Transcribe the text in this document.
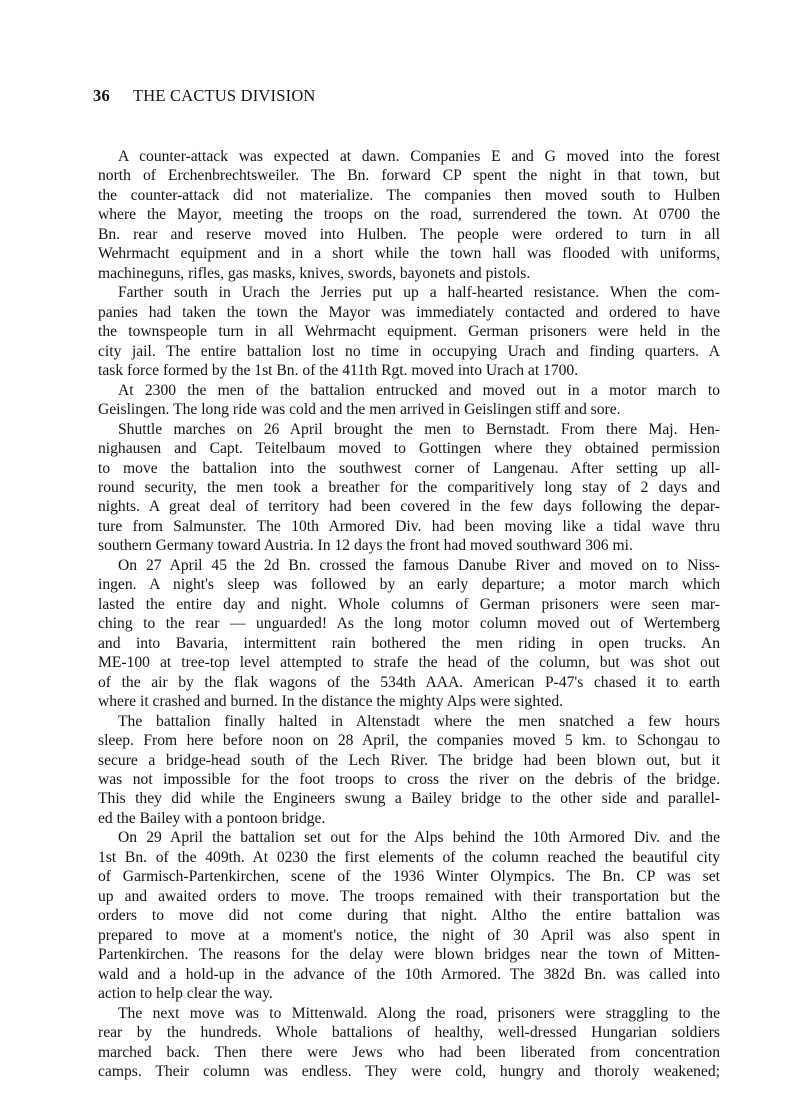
36 THE CACTUS DIVISION
A counter-attack was expected at dawn. Companies E and G moved into the forest
north of Erchenbrechtsweiler. The Bn. forward CP spent the night in that town, but
the counter-attack did not materialize. The companies then moved south to Hulben
where the Mayor, meeting the troops on the road, surrendered the town. At 0700 the
Bn. rear and reserve moved into Hulben. The people were ordered to turn in all
Wehrmacht equipment and in a short while the town hall was flooded with uniforms,
machineguns, rifles, gas masks, knives, swords, bayonets and pistols.
Farther south in Urach the Jerries put up a half-hearted resistance. When the com-
panies had taken the town the Mayor was immediately contacted and ordered to have
the townspeople turn in all Wehrmacht equipment. German prisoners were held in the
city jail. The entire battalion lost no time in occupying Urach and finding quarters. A
task force formed by the 1st Bn. of the 411th Rgt. moved into Urach at 1700.
At 2300 the men of the battalion entrucked and moved out in a motor march to
Geislingen. The long ride was cold and the men arrived in Geislingen stiff and sore.
Shuttle marches on 26 April brought the men to Bernstadt. From there Maj. Hen-
nighausen and Capt. Teitelbaum moved to Gottingen where they obtained permission
to move the battalion into the southwest corner of Langenau. After setting up all-
round security, the men took a breather for the comparitively long stay of 2 days and
nights. A great deal of territory had been covered in the few days following the depar-
ture from Salmunster. The 10th Armored Div. had been moving like a tidal wave thru
southern Germany toward Austria. In 12 days the front had moved southward 306 mi.
On 27 April 45 the 2d Bn. crossed the famous Danube River and moved on to Niss-
ingen. A night's sleep was followed by an early departure; a motor march which
lasted the entire day and night. Whole columns of German prisoners were seen mar-
ching to the rear — unguarded! As the long motor column moved out of Wertemberg
and into Bavaria, intermittent rain bothered the men riding in open trucks. An
ME-100 at tree-top level attempted to strafe the head of the column, but was shot out
of the air by the flak wagons of the 534th AAA. American P-47's chased it to earth
where it crashed and burned. In the distance the mighty Alps were sighted.
The battalion finally halted in Altenstadt where the men snatched a few hours
sleep. From here before noon on 28 April, the companies moved 5 km. to Schongau to
secure a bridge-head south of the Lech River. The bridge had been blown out, but it
was not impossible for the foot troops to cross the river on the debris of the bridge.
This they did while the Engineers swung a Bailey bridge to the other side and parallel-
ed the Bailey with a pontoon bridge.
On 29 April the battalion set out for the Alps behind the 10th Armored Div. and the
1st Bn. of the 409th. At 0230 the first elements of the column reached the beautiful city
of Garmisch-Partenkirchen, scene of the 1936 Winter Olympics. The Bn. CP was set
up and awaited orders to move. The troops remained with their transportation but the
orders to move did not come during that night. Altho the entire battalion was
prepared to move at a moment's notice, the night of 30 April was also spent in
Partenkirchen. The reasons for the delay were blown bridges near the town of Mitten-
wald and a hold-up in the advance of the 10th Armored. The 382d Bn. was called into
action to help clear the way.
The next move was to Mittenwald. Along the road, prisoners were straggling to the
rear by the hundreds. Whole battalions of healthy, well-dressed Hungarian soldiers
marched back. Then there were Jews who had been liberated from concentration
camps. Their column was endless. They were cold, hungry and thoroly weakened;
